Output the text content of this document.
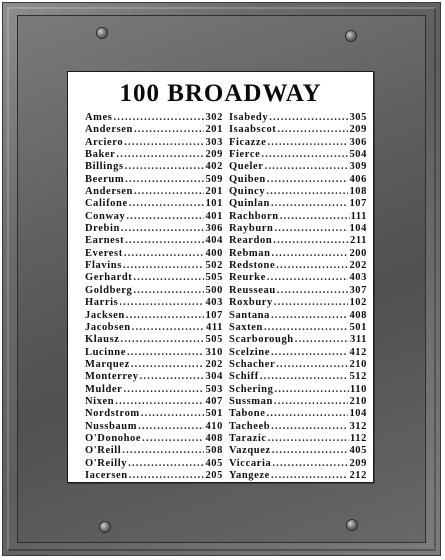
100 BROADWAY
Ames .....	302
Andersen .....	201
Arciero .....	303
Baker .....	209
Billings .....	402
Beerum .....	509
Andersen .....	201
Califone .....	101
Conway .....	401
Drebin .....	306
Earnest .....	404
Everest .....	400
Flavins .....	502
Gerhardt .....	505
Goldberg .....	500
Harris .....	403
Jacksen .....	107
Jacobsen .....	411
Klausz .....	505
Lucinne .....	310
Marquez .....	202
Monterrey .....	304
Mulder .....	503
Nixen .....	407
Nordstrom .....	501
Nussbaum .....	410
O'Donohoe .....	408
O'Reill .....	508
O'Reilly .....	405
Iacersen .....	205
Isabedy .....	305
Isaabscot .....	209
Ficazze .....	306
Fierce .....	504
Queler .....	309
Quiben .....	406
Quincy .....	108
Quinlan .....	107
Rachborn .....	111
Rayburn .....	104
Reardon .....	211
Rebman .....	200
Redstone .....	202
Reurke .....	403
Reusseau .....	307
Roxbury .....	102
Santana .....	408
Saxten .....	501
Scarborough .....	311
Scelzine .....	412
Schacher .....	210
Schiff .....	512
Schering .....	110
Sussman .....	210
Tabone .....	104
Tacheeb .....	312
Tarazic .....	112
Vazquez .....	405
Viccaria .....	209
Yangeze .....	212
